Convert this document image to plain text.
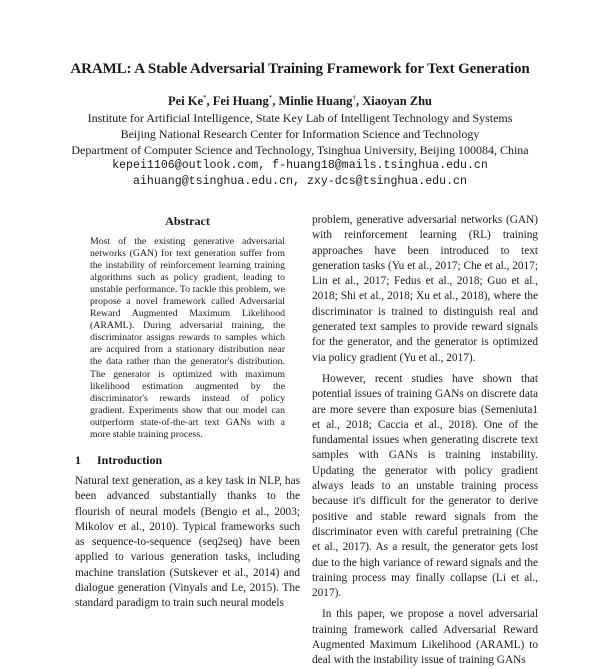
ARAML: A Stable Adversarial Training Framework for Text Generation
Pei Ke*, Fei Huang*, Minlie Huang†, Xiaoyan Zhu
Institute for Artificial Intelligence, State Key Lab of Intelligent Technology and Systems
Beijing National Research Center for Information Science and Technology
Department of Computer Science and Technology, Tsinghua University, Beijing 100084, China
kepei1106@outlook.com, f-huang18@mails.tsinghua.edu.cn
aihuang@tsinghua.edu.cn, zxy-dcs@tsinghua.edu.cn
Abstract
Most of the existing generative adversarial networks (GAN) for text generation suffer from the instability of reinforcement learning training algorithms such as policy gradient, leading to unstable performance. To tackle this problem, we propose a novel framework called Adversarial Reward Augmented Maximum Likelihood (ARAML). During adversarial training, the discriminator assigns rewards to samples which are acquired from a stationary distribution near the data rather than the generator's distribution. The generator is optimized with maximum likelihood estimation augmented by the discriminator's rewards instead of policy gradient. Experiments show that our model can outperform state-of-the-art text GANs with a more stable training process.
1 Introduction

Natural text generation, as a key task in NLP, has been advanced substantially thanks to the flourish of neural models (Bengio et al., 2003; Mikolov et al., 2010). Typical frameworks such as sequence-to-sequence (seq2seq) have been applied to various generation tasks, including machine translation (Sutskever et al., 2014) and dialogue generation (Vinyals and Le, 2015). The standard paradigm to train such neural models

problem, generative adversarial networks (GAN) with reinforcement learning (RL) training approaches have been introduced to text generation tasks (Yu et al., 2017; Che et al., 2017; Lin et al., 2017; Fedus et al., 2018; Guo et al., 2018; Shi et al., 2018; Xu et al., 2018), where the discriminator is trained to distinguish real and generated text samples to provide reward signals for the generator, and the generator is optimized via policy gradient (Yu et al., 2017).

However, recent studies have shown that potential issues of training GANs on discrete data are more severe than exposure bias (Semeniuta1 et al., 2018; Caccia et al., 2018). One of the fundamental issues when generating discrete text samples with GANs is training instability. Updating the generator with policy gradient always leads to an unstable training process because it's difficult for the generator to derive positive and stable reward signals from the discriminator even with careful pretraining (Che et al., 2017). As a result, the generator gets lost due to the high variance of reward signals and the training process may finally collapse (Li et al., 2017).

In this paper, we propose a novel adversarial training framework called Adversarial Reward Augmented Maximum Likelihood (ARAML) to deal with the instability issue of training GANs
